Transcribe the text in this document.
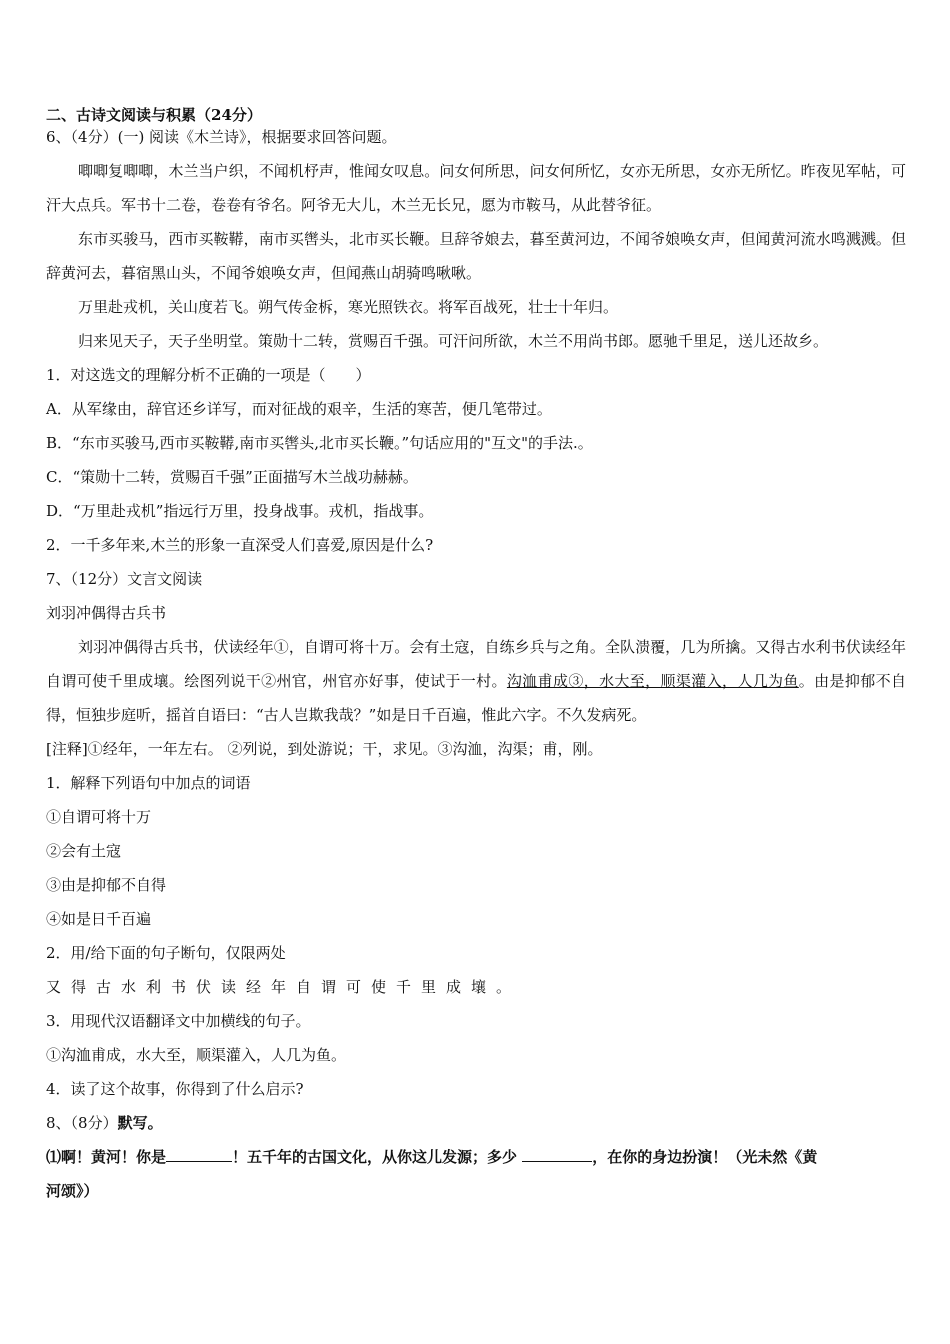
二、古诗文阅读与积累（24分）
6、（4分）(一) 阅读《木兰诗》，根据要求回答问题。
唧唧复唧唧，木兰当户织，不闻机杼声，惟闻女叹息。问女何所思，问女何所忆，女亦无所思，女亦无所忆。昨夜见军帖，可汗大点兵。军书十二卷，卷卷有爷名。阿爷无大儿，木兰无长兄，愿为市鞍马，从此替爷征。
东市买骏马，西市买鞍鞯，南市买辔头，北市买长鞭。旦辞爷娘去，暮至黄河边，不闻爷娘唤女声，但闻黄河流水鸣溅溅。但辞黄河去，暮宿黑山头，不闻爷娘唤女声，但闻燕山胡骑鸣啾啾。
万里赴戎机，关山度若飞。朔气传金柝，寒光照铁衣。将军百战死，壮士十年归。
归来见天子，天子坐明堂。策勋十二转，赏赐百千强。可汗问所欲，木兰不用尚书郎。愿驰千里足，送儿还故乡。
1．对这选文的理解分析不正确的一项是（　　）
A．从军缘由，辞官还乡详写，而对征战的艰辛，生活的寒苦，便几笔带过。
B．“东市买骏马,西市买鞍鞯,南市买辔头,北市买长鞭。”句话应用的"互文"的手法.。
C．“策勋十二转，赏赐百千强”正面描写木兰战功赫赫。
D．“万里赴戎机”指远行万里，投身战事。戎机，指战事。
2．一千多年来,木兰的形象一直深受人们喜爱,原因是什么?
7、（12分）文言文阅读
刘羽冲偶得古兵书
刘羽冲偶得古兵书，伏读经年①，自谓可将十万。会有土寇，自练乡兵与之角。全队溃覆，几为所擒。又得古水利书伏读经年自谓可使千里成壤。绘图列说干②州官，州官亦好事，使试于一村。沟洫甫成③，水大至，顺渠灌入，人几为鱼。由是抑郁不自得，恒独步庭听，摇首自语曰：“古人岂欺我哉？”如是日千百遍，惟此六字。不久发病死。
[注释]①经年，一年左右。 ②列说，到处游说；干，求见。③沟洫，沟渠；甫，刚。
1．解释下列语句中加点的词语
①自谓可将十万
②会有土寇
③由是抑郁不自得
④如是日千百遍
2．用/给下面的句子断句，仅限两处
又得古水利书伏读经年自谓可使千里成壤。
3．用现代汉语翻译文中加横线的句子。
①沟洫甫成，水大至，顺渠灌入，人几为鱼。
4．读了这个故事，你得到了什么启示?
8、（8分）默写。
⑴啊！黄河！你是	！五千年的古国文化，从你这儿发源；多少	，在你的身边扮演！（光未然《黄
河颂》）
